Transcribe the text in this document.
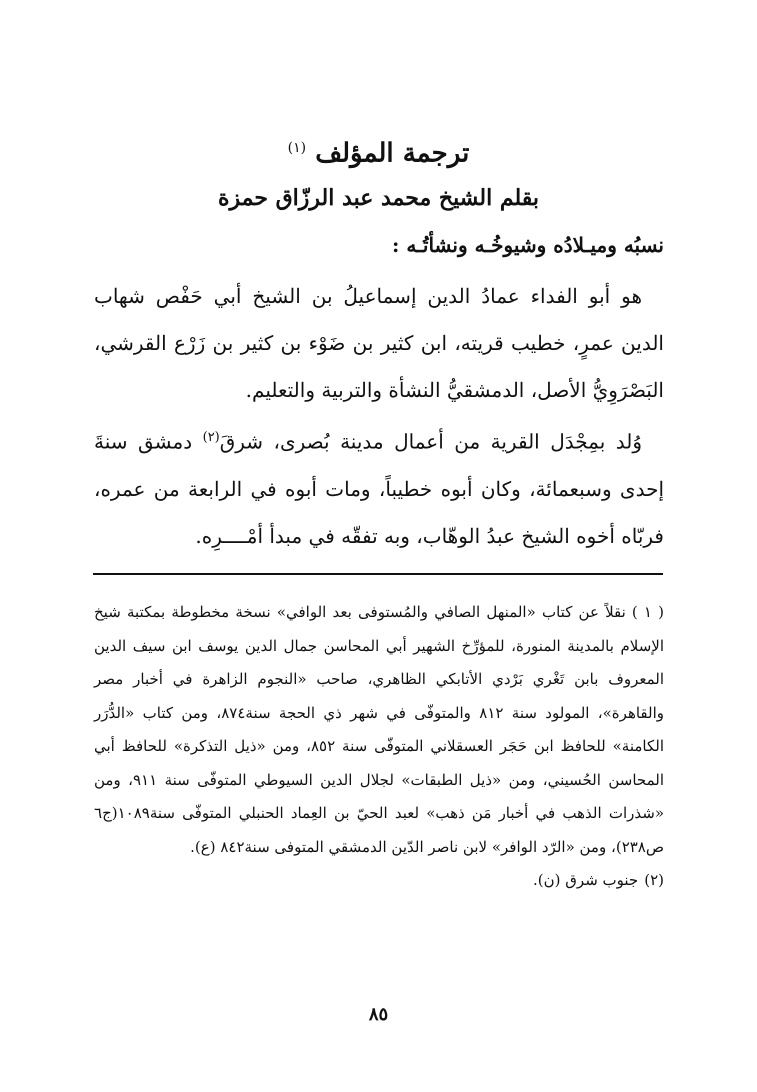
ترجمة المؤلف $^{(١)}$
بقلم الشيخ محمد عبد الرزّاق حمزة
نسبُه وميـلادُه وشيوخُـه ونشأتُـه :

هو أبو الفداء عمادُ الدين إسماعيلُ بن الشيخ أبي حَفْص شهاب الدين عمرٍ، خطيب قريته، ابن كثير بن ضَوْء بن كثير بن زَرْع القرشي، البَصْرَوِيُّ الأصل، الدمشقيُّ النشأة والتربية والتعليم.

وُلد بمِجْدَل القرية من أعمال مدينة بُصرى، شرقَ$^{(٢)}$ دمشق سنةَ إحدى وسبعمائة، وكان أبوه خطيباً، ومات أبوه في الرابعة من عمره، فربّاه أخوه الشيخ عبدُ الوهّاب، وبه تفقّه في مبدأ أمْــــرِه.

( ١ )نقلاً عن كتاب «المنهل الصافي والمُستوفى بعد الوافي» نسخة مخطوطة بمكتبة شيخ الإسلام بالمدينة المنورة، للمؤرِّخ الشهير أبي المحاسن جمال الدين يوسف ابن سيف الدين المعروف بابن تَغْري بَرْدي الأتابكي الظاهري، صاحب «النجوم الزاهرة في أخبار مصر والقاهرة»، المولود سنة ٨١٢ والمتوفّى في شهر ذي الحجة سنة٨٧٤، ومن كتاب «الدُّرَر الكامنة» للحافظ ابن حَجَر العسقلاني المتوفّى سنة ٨٥٢، ومن «ذيل التذكرة» للحافظ أبي المحاسن الحُسيني، ومن «ذيل الطبقات» لجلال الدين السيوطي المتوفّى سنة ٩١١، ومن «شذرات الذهب في أخبار مَن ذهب» لعبد الحيّ بن العِماد الحنبلي المتوفّى سنة١٠٨٩(ج٦ ص٢٣٨)، ومن «الرّد الوافر» لابن ناصر الدّين الدمشقي المتوفى سنة٨٤٢ (ع).

(٢)جنوب شرق (ن).

٨٥
